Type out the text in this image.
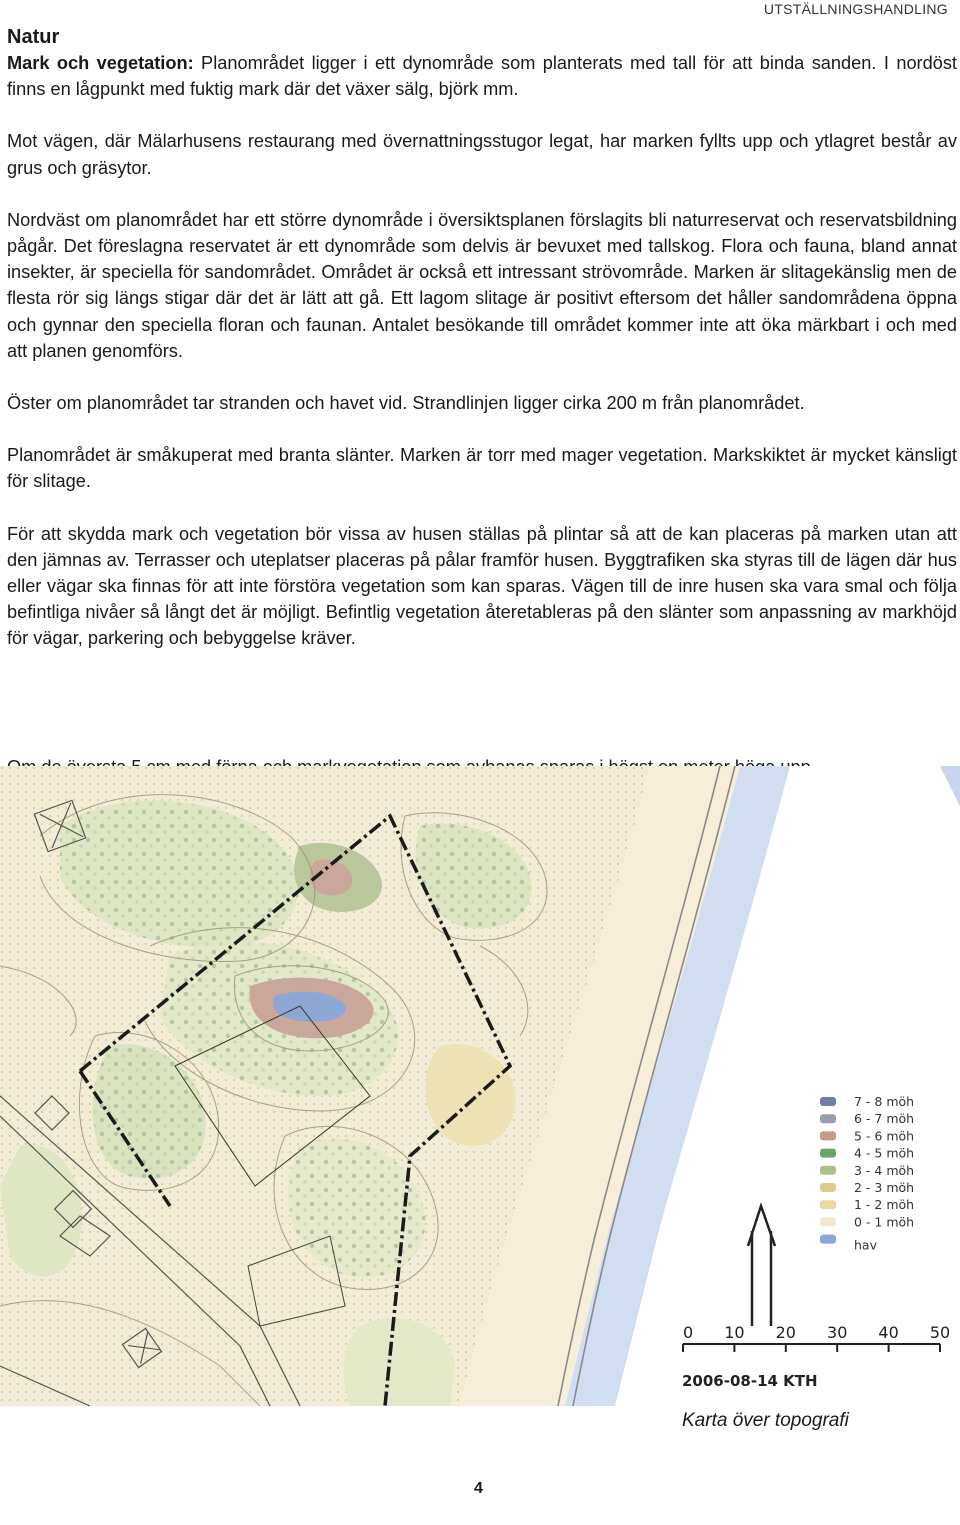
UTSTÄLLNINGSHANDLING
Natur

Mark och vegetation: Planområdet ligger i ett dynområde som planterats med tall för att binda sanden. I nordöst finns en lågpunkt med fuktig mark där det växer sälg, björk mm.

Mot vägen, där Mälarhusens restaurang med övernattningsstugor legat, har marken fyllts upp och ytlagret består av grus och gräsytor.

Nordväst om planområdet har ett större dynområde i översiktsplanen förslagits bli naturreservat och reservatsbildning pågår. Det föreslagna reservatet är ett dynområde som delvis är bevuxet med tallskog. Flora och fauna, bland annat insekter, är speciella för sandområdet. Området är också ett intressant strövområde. Marken är slitagekänslig men de flesta rör sig längs stigar där det är lätt att gå. Ett lagom slitage är positivt eftersom det håller sandområdena öppna och gynnar den speciella floran och faunan. Antalet besökande till området kommer inte att öka märkbart i och med att planen genomförs.

Öster om planområdet tar stranden och havet vid. Strandlinjen ligger cirka 200 m från planområdet.

Planområdet är småkuperat med branta slänter. Marken är torr med mager vegetation. Markskiktet är mycket känsligt för slitage.

För att skydda mark och vegetation bör vissa av husen ställas på plintar så att de kan placeras på marken utan att den jämnas av. Terrasser och uteplatser placeras på pålar framför husen. Byggtrafiken ska styras till de lägen där hus eller vägar ska finnas för att inte förstöra vegetation som kan sparas. Vägen till de inre husen ska vara smal och följa befintliga nivåer så långt det är möjligt. Befintlig vegetation återetableras på den slänter som anpassning av markhöjd för vägar, parkering och bebyggelse kräver.

7 - 8 möh
6 - 7 möh
5 - 6 möh
4 - 5 möh
3 - 4 möh
2 - 3 möh
1 - 2 möh
0 - 1 möh
hav
0 10 20 30 40 50
2006-08-14 KTH
Karta över topografi
4
